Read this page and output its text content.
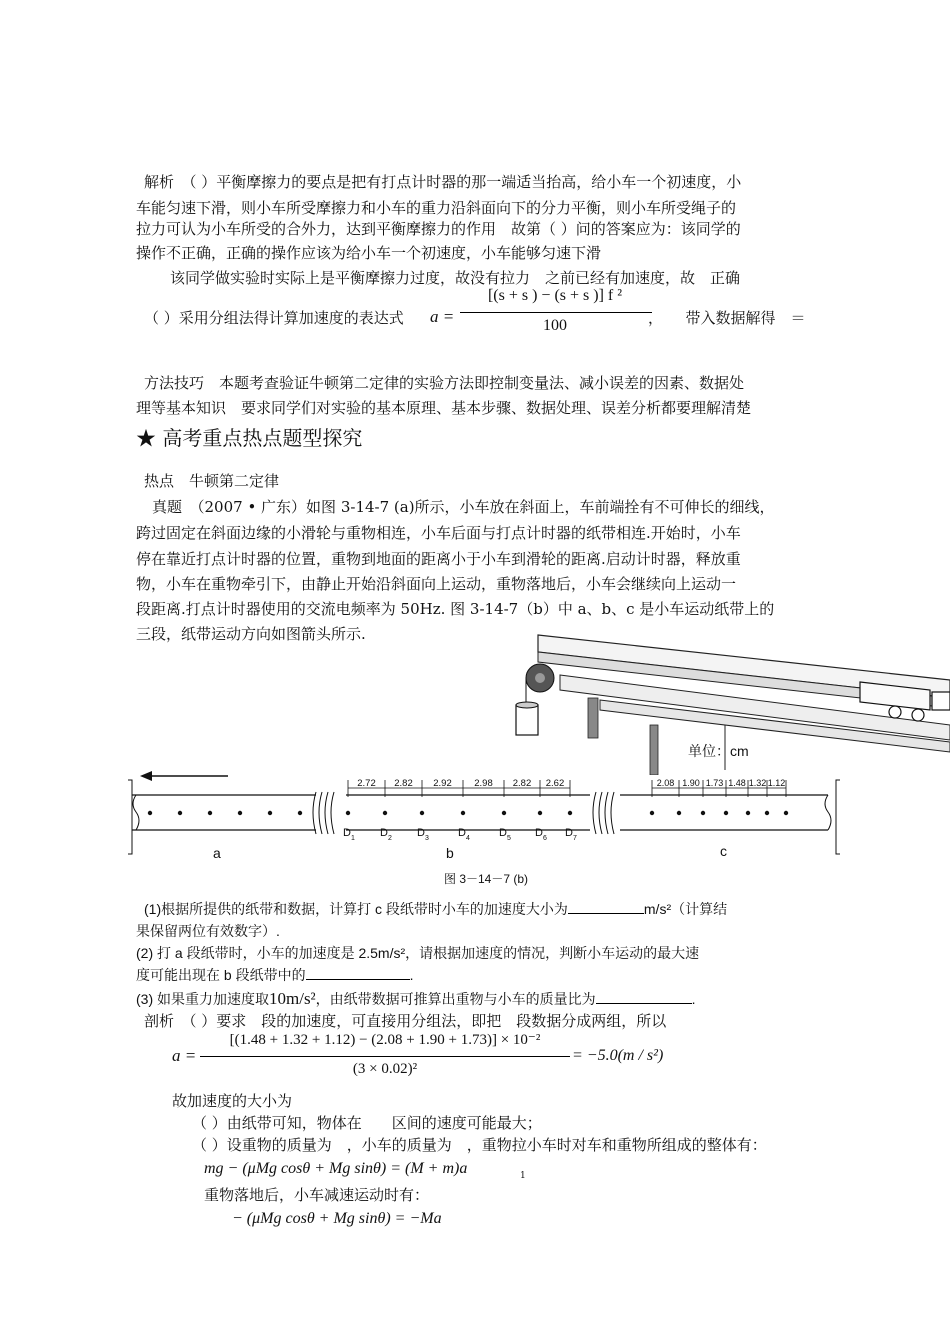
解析　（ ）平衡摩擦力的要点是把有打点计时器的那一端适当抬高，给小车一个初速度，小
车能匀速下滑，则小车所受摩擦力和小车的重力沿斜面向下的分力平衡，则小车所受绳子的
拉力可认为小车所受的合外力，达到平衡摩擦力的作用　故第（ ）问的答案应为：该同学的
操作不正确，正确的操作应该为给小车一个初速度，小车能够匀速下滑
该同学做实验时实际上是平衡摩擦力过度，故没有拉力　之前已经有加速度，故　正确
（ ）采用分组法得计算加速度的表达式 a =
[(s + s ) − (s + s )] f ²
100	，　　带入数据解得　＝
方法技巧　本题考查验证牛顿第二定律的实验方法即控制变量法、减小误差的因素、数据处
理等基本知识　要求同学们对实验的基本原理、基本步骤、数据处理、误差分析都要理解清楚
★ 高考重点热点题型探究
热点　牛顿第二定律
真题　（2007 • 广东）如图 3-14-7 (a)所示，小车放在斜面上，车前端拴有不可伸长的细线，
跨过固定在斜面边缘的小滑轮与重物相连，小车后面与打点计时器的纸带相连.开始时，小车
停在靠近打点计时器的位置，重物到地面的距离小于小车到滑轮的距离.启动计时器，释放重
物，小车在重物牵引下，由静止开始沿斜面向上运动，重物落地后，小车会继续向上运动一
段距离.打点计时器使用的交流电频率为 50Hz. 图 3-14-7（b）中 a、b、c 是小车运动纸带上的
三段，纸带运动方向如图箭头所示.
单位：cm
D 1 D 2 D 3	D 4	D 5 D 6 D 7
2.72 2.82 2.92 2.98 2.82 2.62	2.08 1.90 1.73 1.48 1.32 1.12
a	b	c
图 3－14－7 (b)
(1)根据所提供的纸带和数据，计算打 c 段纸带时小车的加速度大小为	m/s²（计算结
果保留两位有效数字）.
(2) 打 a 段纸带时，小车的加速度是 2.5m/s²，请根据加速度的情况，判断小车运动的最大速
度可能出现在 b 段纸带中的	.
(3) 如果重力加速度取10m/s²，由纸带数据可推算出重物与小车的质量比为	.
剖析　（ ）要求　段的加速度，可直接用分组法，即把　段数据分成两组，所以
a =
[(1.48 + 1.32 + 1.12) − (2.08 + 1.90 + 1.73)] × 10⁻²
(3 × 0.02)²
= −5.0(m / s²)
故加速度的大小为
（ ）由纸带可知，物体在　　区间的速度可能最大；
（ ）设重物的质量为　，小车的质量为　，重物拉小车时对车和重物所组成的整体有：
mg − (μMg cosθ + Mg sinθ) = (M + m)a	1
重物落地后，小车减速运动时有：
− (μMg cosθ + Mg sinθ) = −Ma
